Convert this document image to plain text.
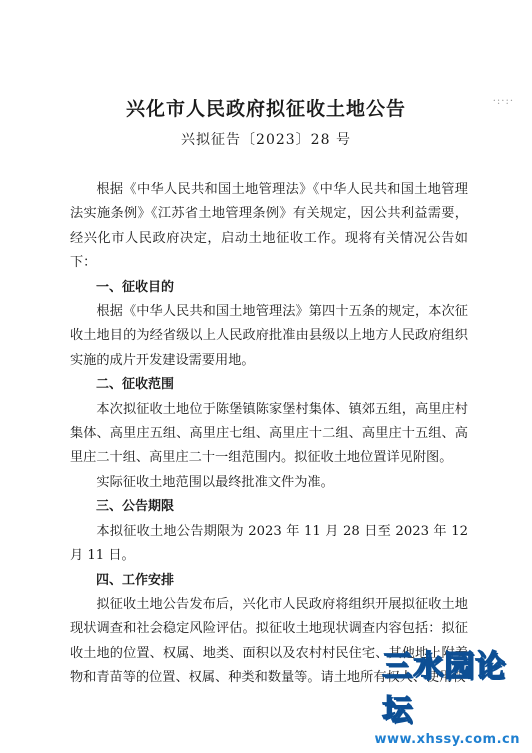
·:·:·
兴化市人民政府拟征收土地公告
兴拟征告〔2023〕28 号

根据《中华人民共和国土地管理法》《中华人民共和国土地管理法实施条例》《江苏省土地管理条例》有关规定，因公共利益需要，经兴化市人民政府决定，启动土地征收工作。现将有关情况公告如下：

一、征收目的

根据《中华人民共和国土地管理法》第四十五条的规定，本次征收土地目的为经省级以上人民政府批准由县级以上地方人民政府组织实施的成片开发建设需要用地。

二、征收范围

本次拟征收土地位于陈堡镇陈家堡村集体、镇郊五组，高里庄村集体、高里庄五组、高里庄七组、高里庄十二组、高里庄十五组、高里庄二十组、高里庄二十一组范围内。拟征收土地位置详见附图。

实际征收土地范围以最终批准文件为准。

三、公告期限

本拟征收土地公告期限为 2023 年 11 月 28 日至 2023 年 12 月 11 日。

四、工作安排

拟征收土地公告发布后，兴化市人民政府将组织开展拟征收土地现状调查和社会稳定风险评估。拟征收土地现状调查内容包括：拟征收土地的位置、权属、地类、面积以及农村村民住宅、其他地上附着物和青苗等的位置、权属、种类和数量等。请土地所有权人、使用权

三水园论坛
www.xhssy.com.cn
